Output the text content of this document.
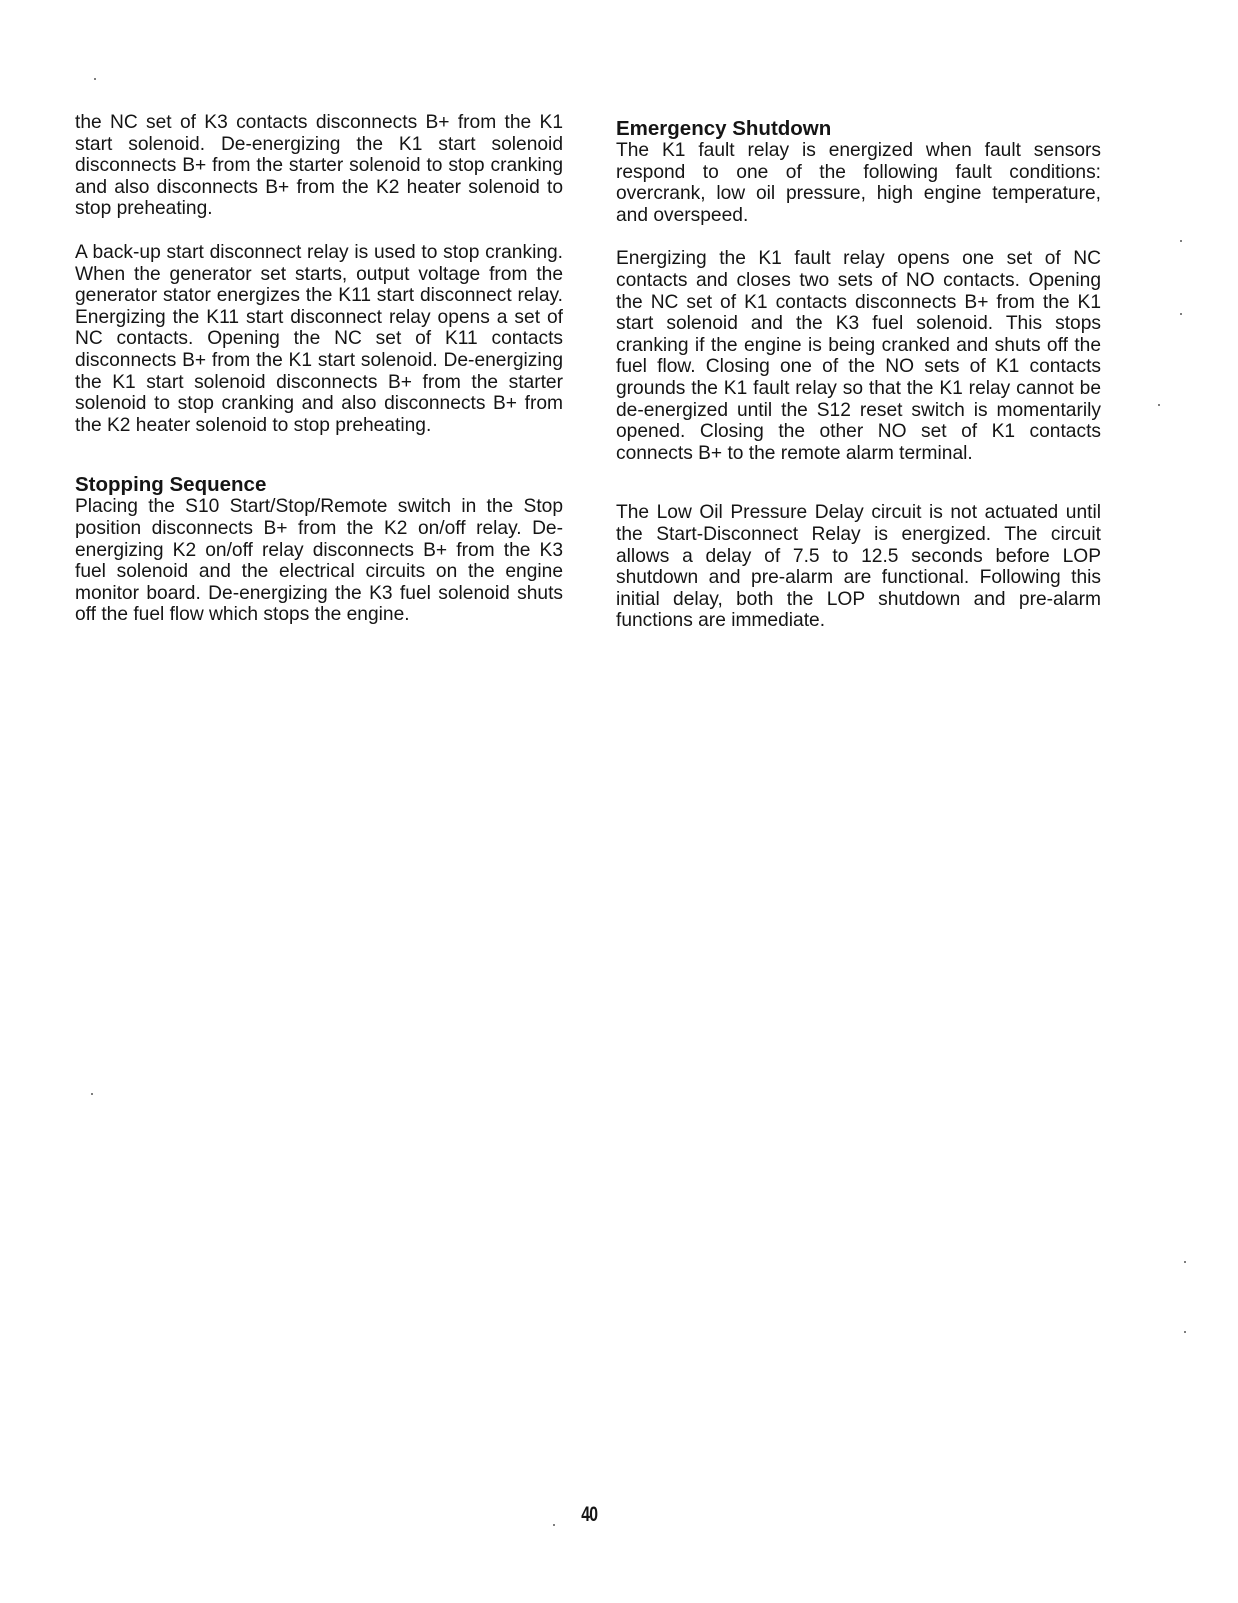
the NC set of K3 contacts disconnects B+ from the K1 start solenoid. De-energizing the K1 start solenoid disconnects B+ from the starter solenoid to stop cranking and also disconnects B+ from the K2 heater solenoid to stop preheating.

A back-up start disconnect relay is used to stop cranking. When the generator set starts, output voltage from the generator stator energizes the K11 start disconnect relay. Energizing the K11 start disconnect relay opens a set of NC contacts. Opening the NC set of K11 contacts disconnects B+ from the K1 start solenoid. De-energizing the K1 start solenoid disconnects B+ from the starter solenoid to stop cranking and also disconnects B+ from the K2 heater solenoid to stop preheating.

Stopping Sequence

Placing the S10 Start/Stop/Remote switch in the Stop position disconnects B+ from the K2 on/off relay. De-energizing K2 on/off relay disconnects B+ from the K3 fuel solenoid and the electrical circuits on the engine monitor board. De-energizing the K3 fuel solenoid shuts off the fuel flow which stops the engine.

Emergency Shutdown

The K1 fault relay is energized when fault sensors respond to one of the following fault conditions: overcrank, low oil pressure, high engine temperature, and overspeed.

Energizing the K1 fault relay opens one set of NC contacts and closes two sets of NO contacts. Opening the NC set of K1 contacts disconnects B+ from the K1 start solenoid and the K3 fuel solenoid. This stops cranking if the engine is being cranked and shuts off the fuel flow. Closing one of the NO sets of K1 contacts grounds the K1 fault relay so that the K1 relay cannot be de-energized until the S12 reset switch is momentarily opened. Closing the other NO set of K1 contacts connects B+ to the remote alarm terminal.

The Low Oil Pressure Delay circuit is not actuated until the Start-Disconnect Relay is energized. The circuit allows a delay of 7.5 to 12.5 seconds before LOP shutdown and pre-alarm are functional. Following this initial delay, both the LOP shutdown and pre-alarm functions are immediate.

40
